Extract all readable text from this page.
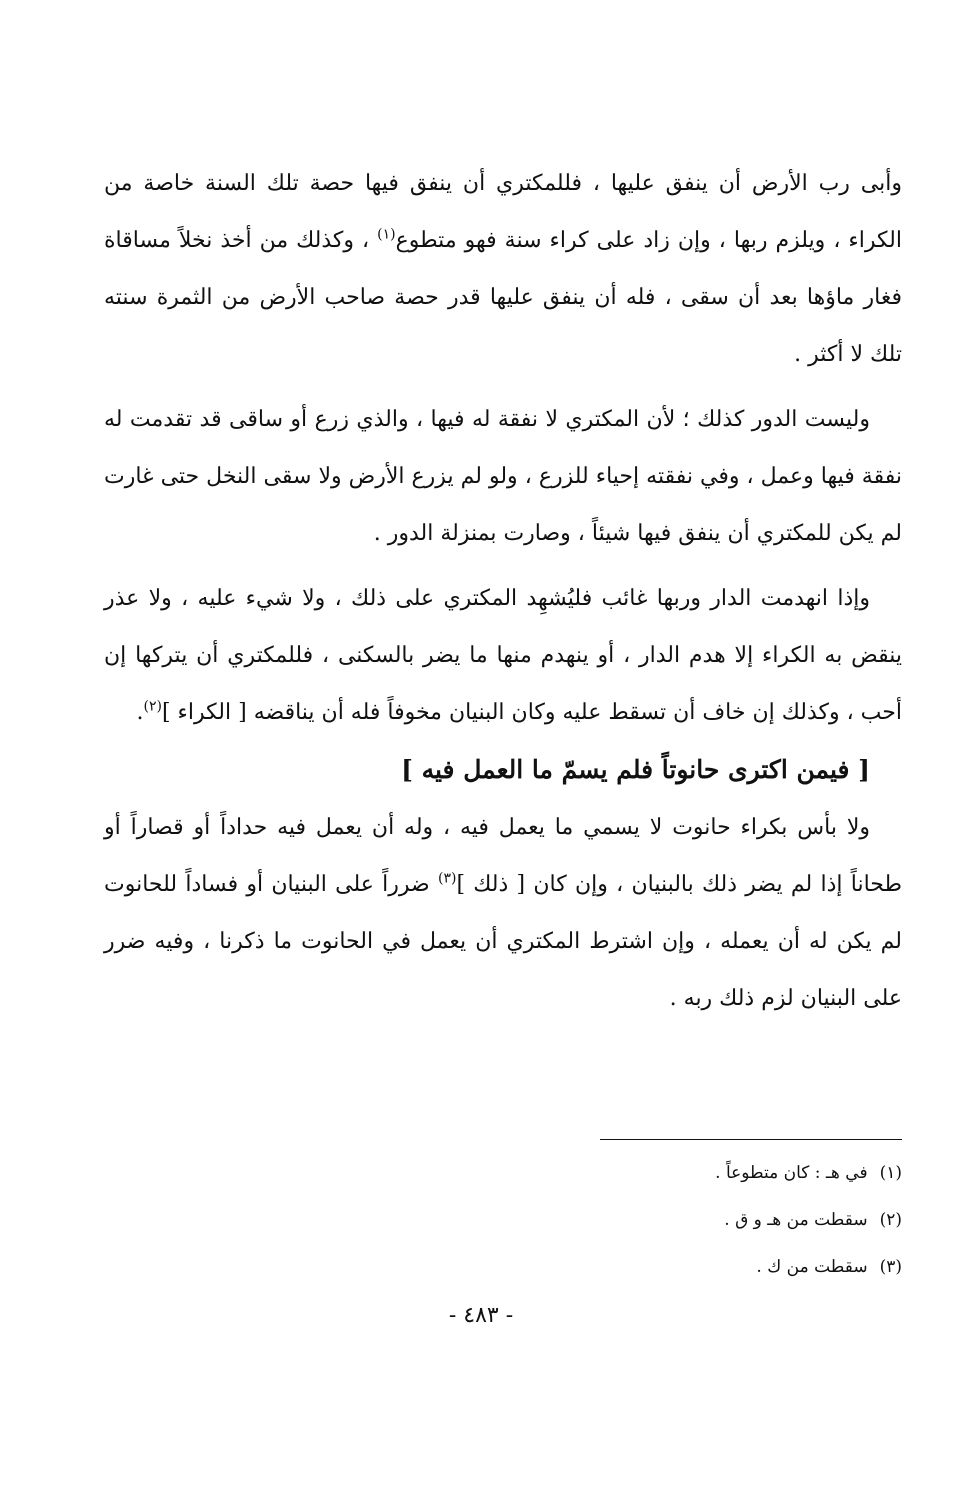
وأبى رب الأرض أن ينفق عليها ، فللمكتري أن ينفق فيها حصة تلك السنة خاصة من الكراء ، ويلزم ربها ، وإن زاد على كراء سنة فهو متطوع$^{(١)}$ ، وكذلك من أخذ نخلاً مساقاة فغار ماؤها بعد أن سقى ، فله أن ينفق عليها قدر حصة صاحب الأرض من الثمرة سنته تلك لا أكثر .

وليست الدور كذلك ؛ لأن المكتري لا نفقة له فيها ، والذي زرع أو ساقى قد تقدمت له نفقة فيها وعمل ، وفي نفقته إحياء للزرع ، ولو لم يزرع الأرض ولا سقى النخل حتى غارت لم يكن للمكتري أن ينفق فيها شيئاً ، وصارت بمنزلة الدور .

وإذا انهدمت الدار وربها غائب فليُشهِد المكتري على ذلك ، ولا شيء عليه ، ولا عذر ينقض به الكراء إلا هدم الدار ، أو ينهدم منها ما يضر بالسكنى ، فللمكتري أن يتركها إن أحب ، وكذلك إن خاف أن تسقط عليه وكان البنيان مخوفاً فله أن يناقضه [ الكراء ]$^{(٢)}$.

[ فيمن اكترى حانوتاً فلم يسمّ ما العمل فيه ]

ولا بأس بكراء حانوت لا يسمي ما يعمل فيه ، وله أن يعمل فيه حداداً أو قصاراً أو طحاناً إذا لم يضر ذلك بالبنيان ، وإن كان [ ذلك ]$^{(٣)}$ ضرراً على البنيان أو فساداً للحانوت لم يكن له أن يعمله ، وإن اشترط المكتري أن يعمل في الحانوت ما ذكرنا ، وفيه ضرر على البنيان لزم ذلك ربه .

(١)في هـ : كان متطوعاً .

(٢)سقطت من هـ و ق .

(٣)سقطت من ك .

- ٤٨٣ -
